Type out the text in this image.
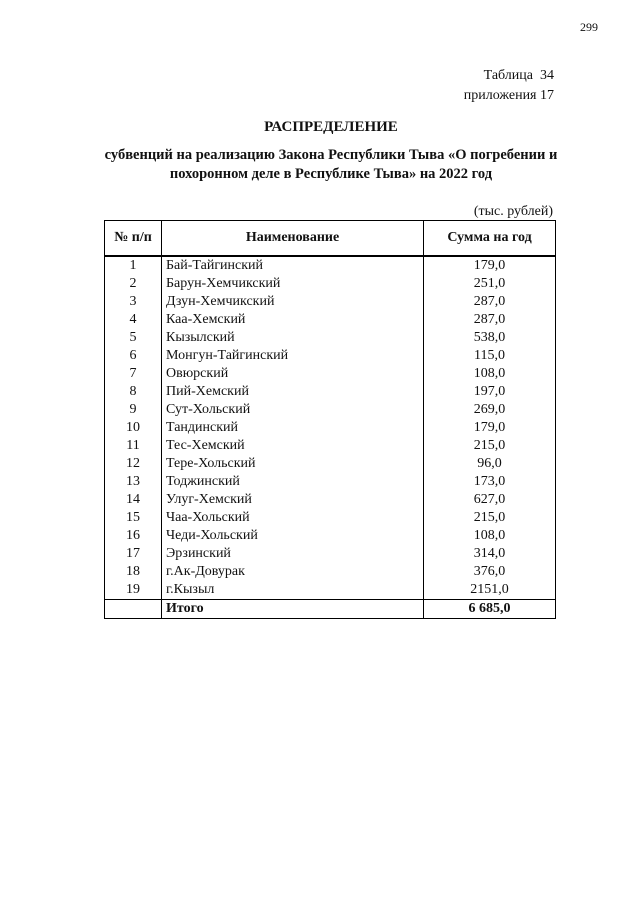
299
Таблица  34
приложения 17
РАСПРЕДЕЛЕНИЕ
субвенций на реализацию Закона Республики Тыва «О погребении и
похоронном деле в Республике Тыва» на 2022 год
(тыс. рублей)
№ п/п	Наименование	Сумма на год
1	Бай-Тайгинский	179,0
2	Барун-Хемчикский	251,0
3	Дзун-Хемчикский	287,0
4	Каа-Хемский	287,0
5	Кызылский	538,0
6	Монгун-Тайгинский	115,0
7	Овюрский	108,0
8	Пий-Хемский	197,0
9	Сут-Хольский	269,0
10	Тандинский	179,0
11	Тес-Хемский	215,0
12	Тере-Хольский	96,0
13	Тоджинский	173,0
14	Улуг-Хемский	627,0
15	Чаа-Хольский	215,0
16	Чеди-Хольский	108,0
17	Эрзинский	314,0
18	г.Ак-Довурак	376,0
19	г.Кызыл	2151,0
	Итого	6 685,0
